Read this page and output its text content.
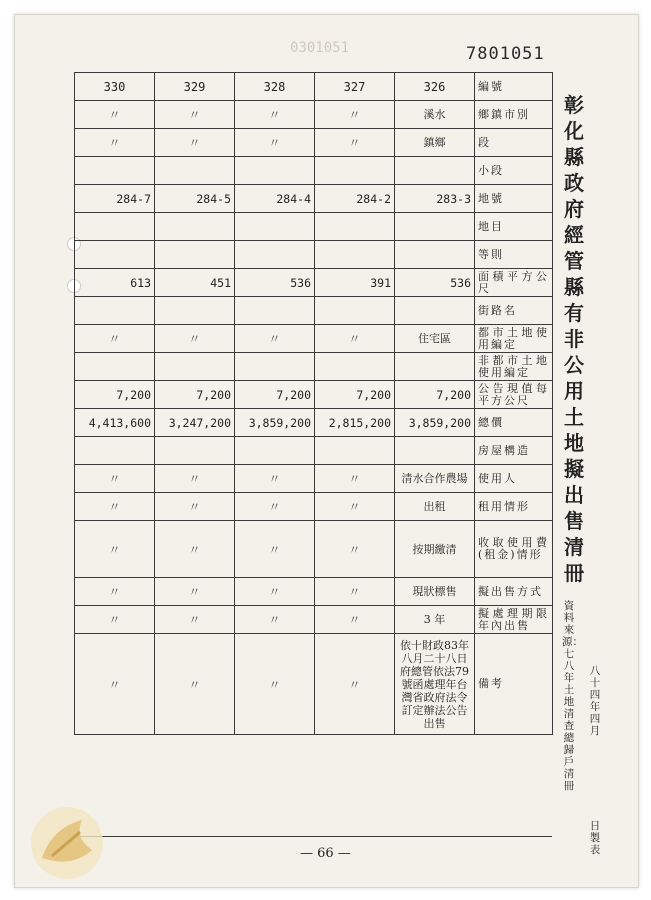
0301051	7801051
330	329	328	327	326	編號
〃	〃	〃	〃	溪水	鄉鎮市別
〃	〃	〃	〃	鎮鄉	段
					小段
284-7	284-5	284-4	284-2	283-3	地號
					地目
					等則
613	451	536	391	536	面積平方公尺
					街路名
〃	〃	〃	〃	住宅區	都市土地使用編定
					非都市土地使用編定
7,200	7,200	7,200	7,200	7,200	公告現值每平方公尺
4,413,600	3,247,200	3,859,200	2,815,200	3,859,200	總價
					房屋構造
〃	〃	〃	〃	清水合作農場	使用人
〃	〃	〃	〃	出租	租用情形
〃	〃	〃	〃	按期繳清	收取使用費(租金)情形
〃	〃	〃	〃	現狀標售	擬出售方式
〃	〃	〃	〃	3 年	擬處理期限年內出售
〃	〃	〃	〃	依十財政83年八月二十八日府總管依法79號函處理年台灣省政府法令訂定辦法公告出售	備考
彰化縣政府經管縣有非公用土地擬出售清冊
資料來源：七八年土地清查總歸戶清冊
八十四年四月
日製表
— 66 —
